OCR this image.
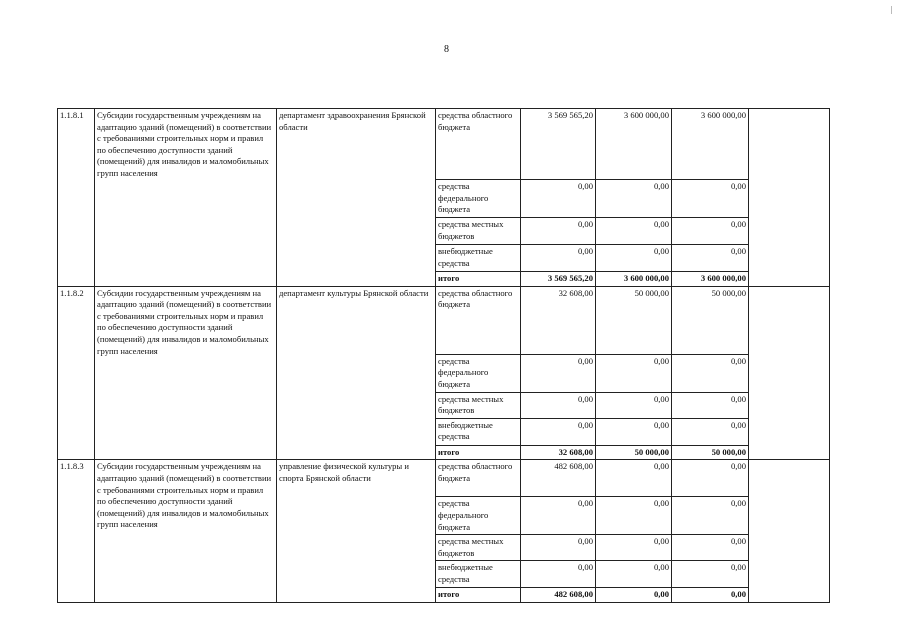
8
1.1.8.1	Субсидии государственным учреждениям на адаптацию зданий (помещений) в соответствии с требованиями строительных норм и правил по обеспечению доступности зданий (помещений) для инвалидов и маломобильных групп населения	департамент здравоохранения Брянской области	средства областного бюджета	3 569 565,20	3 600 000,00	3 600 000,00	
			средства федерального бюджета	0,00	0,00	0,00	
			средства местных бюджетов	0,00	0,00	0,00	
			внебюджетные средства	0,00	0,00	0,00	
			итого	3 569 565,20	3 600 000,00	3 600 000,00	
1.1.8.2	Субсидии государственным учреждениям на адаптацию зданий (помещений) в соответствии с требованиями строительных норм и правил по обеспечению доступности зданий (помещений) для инвалидов и маломобильных групп населения	департамент культуры Брянской области	средства областного бюджета	32 608,00	50 000,00	50 000,00	
			средства федерального бюджета	0,00	0,00	0,00	
			средства местных бюджетов	0,00	0,00	0,00	
			внебюджетные средства	0,00	0,00	0,00	
			итого	32 608,00	50 000,00	50 000,00	
1.1.8.3	Субсидии государственным учреждениям на адаптацию зданий (помещений) в соответствии с требованиями строительных норм и правил по обеспечению доступности зданий (помещений) для инвалидов и маломобильных групп населения	управление физической культуры и спорта Брянской области	средства областного бюджета	482 608,00	0,00	0,00	
			средства федерального бюджета	0,00	0,00	0,00	
			средства местных бюджетов	0,00	0,00	0,00	
			внебюджетные средства	0,00	0,00	0,00	
			итого	482 608,00	0,00	0,00	
